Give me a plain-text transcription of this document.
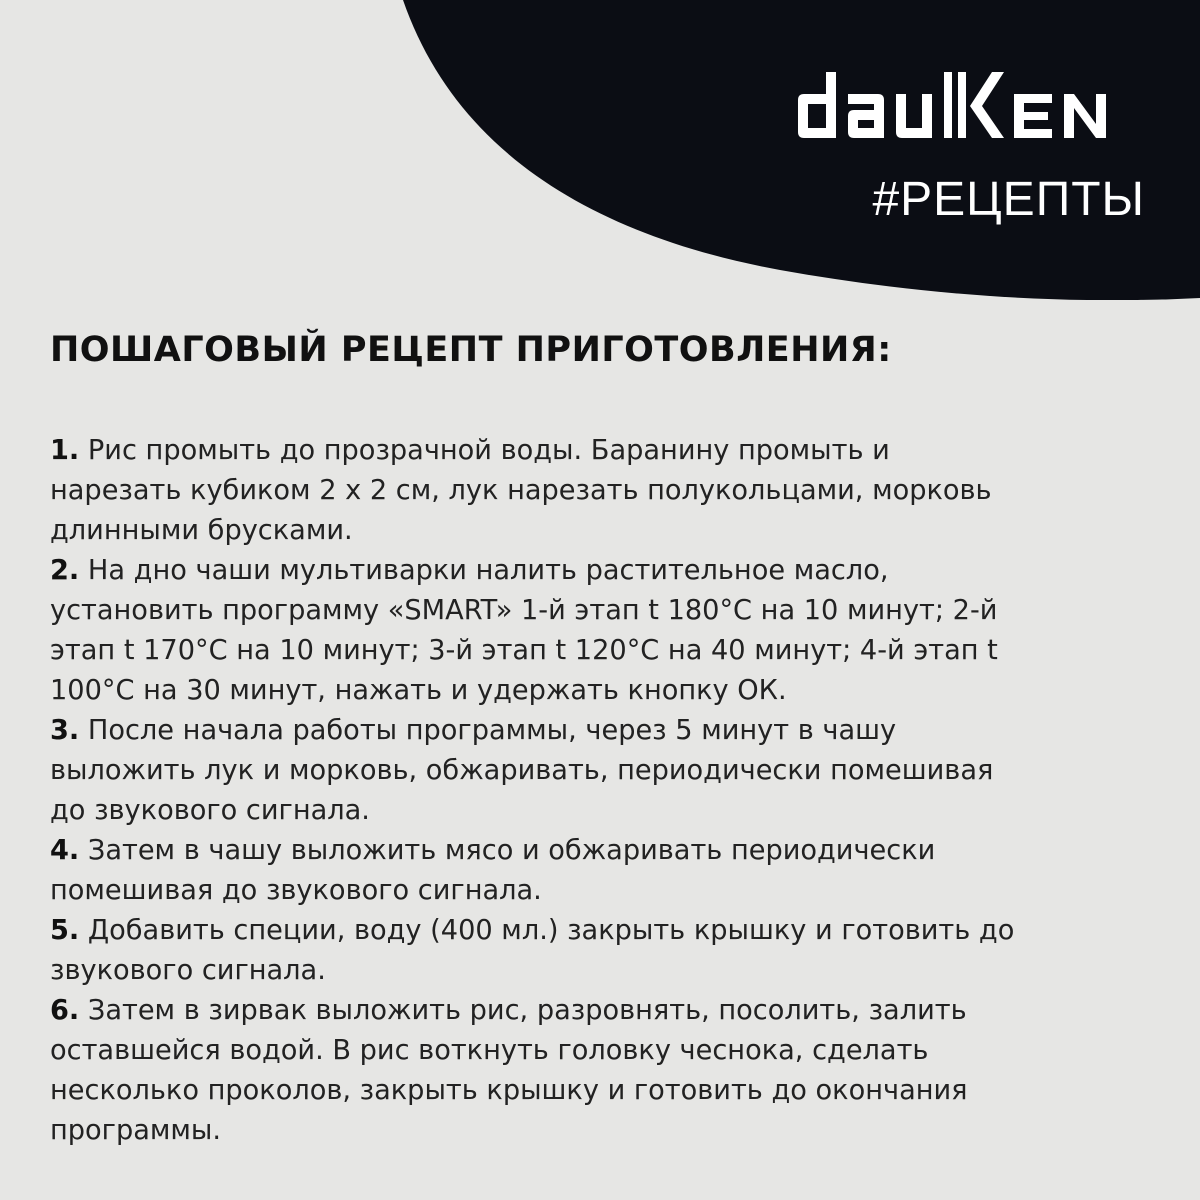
#РЕЦЕПТЫ
ПОШАГОВЫЙ РЕЦЕПТ ПРИГОТОВЛЕНИЯ:

1. Рис промыть до прозрачной воды. Баранину промыть и
нарезать кубиком 2 x 2 см, лук нарезать полукольцами, морковь
длинными брусками.

2. На дно чаши мультиварки налить растительное масло,
установить программу «SMART» 1-й этап t 180°С на 10 минут; 2-й
этап t 170°С на 10 минут; 3-й этап t 120°С на 40 минут; 4-й этап t
100°С на 30 минут, нажать и удержать кнопку ОК.

3. После начала работы программы, через 5 минут в чашу
выложить лук и морковь, обжаривать, периодически помешивая
до звукового сигнала.

4. Затем в чашу выложить мясо и обжаривать периодически
помешивая до звукового сигнала.

5. Добавить специи, воду (400 мл.) закрыть крышку и готовить до
звукового сигнала.

6. Затем в зирвак выложить рис, разровнять, посолить, залить
оставшейся водой. В рис воткнуть головку чеснока, сделать
несколько проколов, закрыть крышку и готовить до окончания
программы.
